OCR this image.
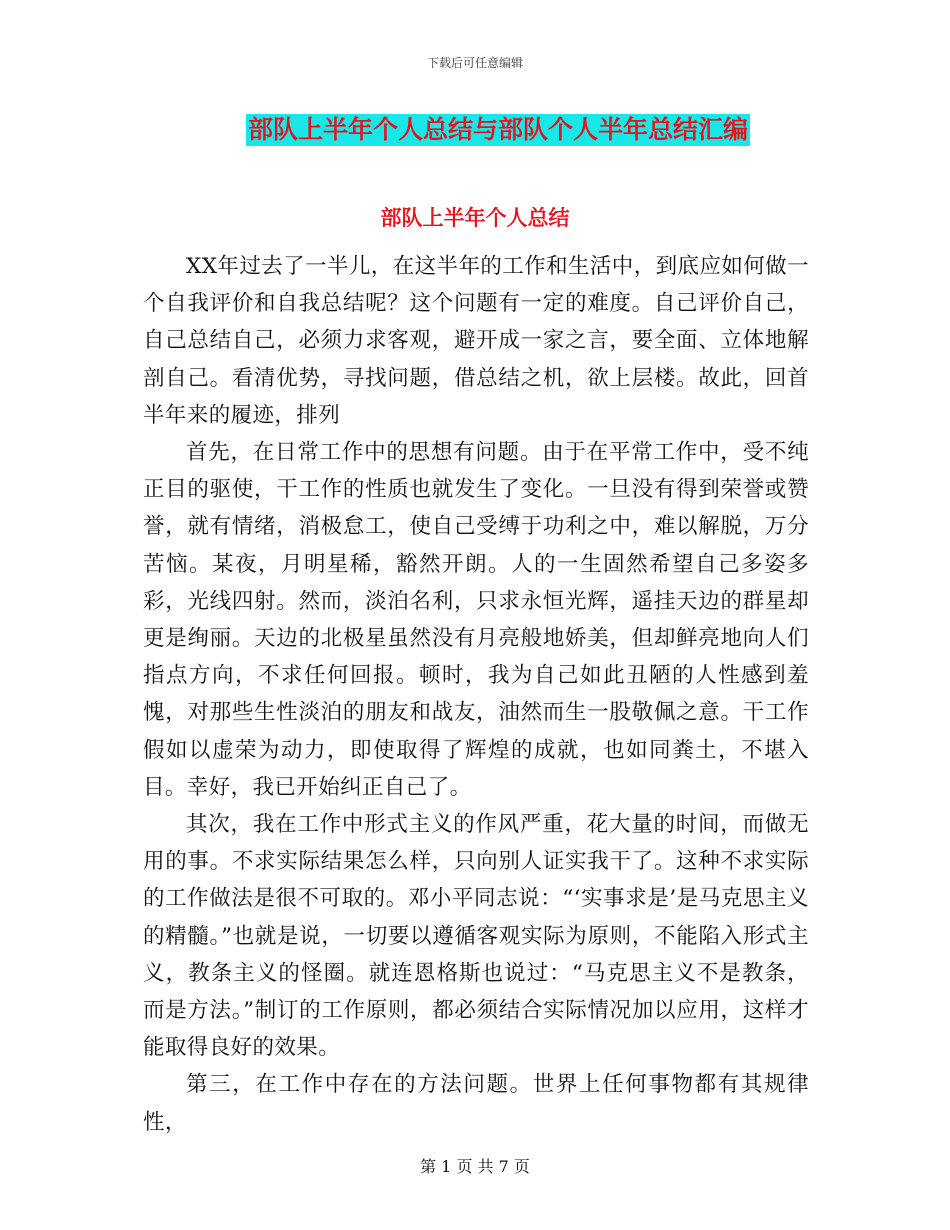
下载后可任意编辑
部队上半年个人总结与部队个人半年总结汇编
部队上半年个人总结

XX年过去了一半儿，在这半年的工作和生活中，到底应如何做一个自我评价和自我总结呢？这个问题有一定的难度。自己评价自己，自己总结自己，必须力求客观，避开成一家之言，要全面、立体地解剖自己。看清优势，寻找问题，借总结之机，欲上层楼。故此，回首半年来的履迹，排列

首先，在日常工作中的思想有问题。由于在平常工作中，受不纯正目的驱使，干工作的性质也就发生了变化。一旦没有得到荣誉或赞誉，就有情绪，消极怠工，使自己受缚于功利之中，难以解脱，万分苦恼。某夜，月明星稀，豁然开朗。人的一生固然希望自己多姿多彩，光线四射。然而，淡泊名利，只求永恒光辉，遥挂天边的群星却更是绚丽。天边的北极星虽然没有月亮般地娇美，但却鲜亮地向人们指点方向，不求任何回报。顿时，我为自己如此丑陋的人性感到羞愧，对那些生性淡泊的朋友和战友，油然而生一股敬佩之意。干工作假如以虚荣为动力，即使取得了辉煌的成就，也如同粪土，不堪入目。幸好，我已开始纠正自己了。

其次，我在工作中形式主义的作风严重，花大量的时间，而做无用的事。不求实际结果怎么样，只向别人证实我干了。这种不求实际的工作做法是很不可取的。邓小平同志说：“‘实事求是’是马克思主义的精髓。”也就是说，一切要以遵循客观实际为原则，不能陷入形式主义，教条主义的怪圈。就连恩格斯也说过：“马克思主义不是教条，而是方法。”制订的工作原则，都必须结合实际情况加以应用，这样才能取得良好的效果。

第三，在工作中存在的方法问题。世界上任何事物都有其规律性，

第 1 页 共 7 页
